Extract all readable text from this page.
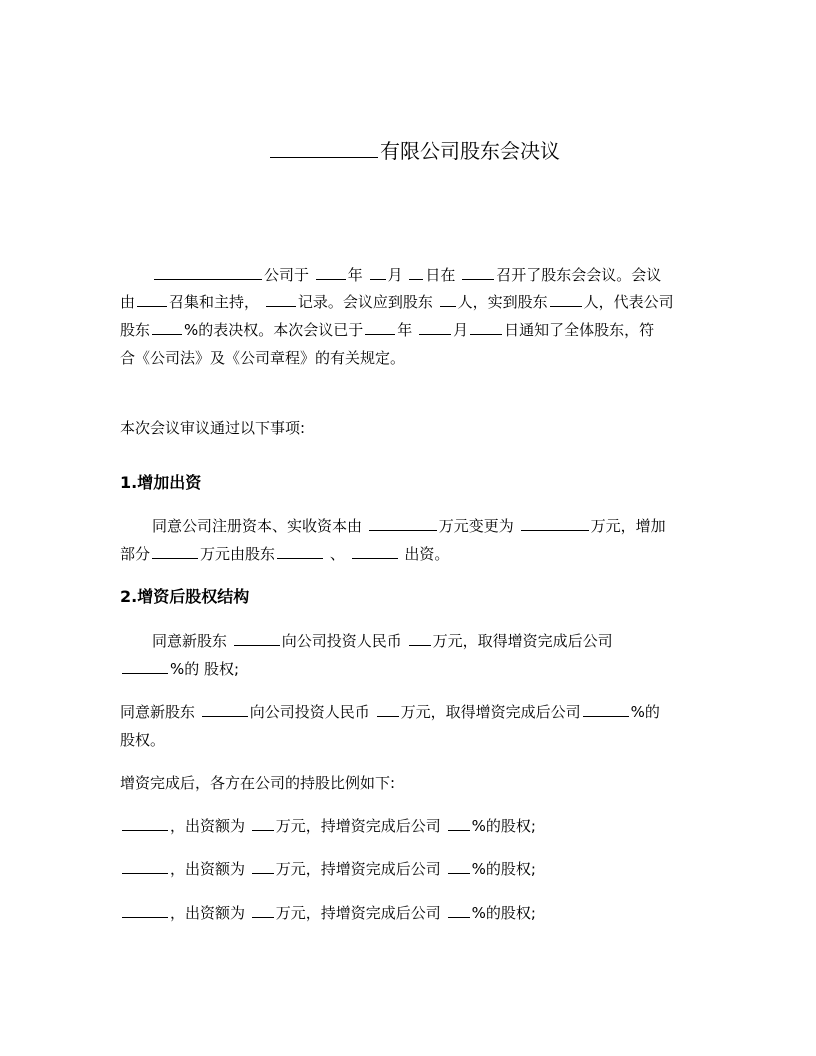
有限公司股东会决议

公司于	年 月 日在	召开了股东会会议。会议

由 召集和主持，	记录。会议应到股东 人，实到股东 人，代表公司

股东 %的表决权。本次会议已于 年	月 日通知了全体股东，符

合《公司法》及《公司章程》的有关规定。

本次会议审议通过以下事项:

1.增加出资

同意公司注册资本、实收资本由	万元变更为	万元，增加

部分	万元由股东	、	出资。

2.增资后股权结构

同意新股东	向公司投资人民币 万元，取得增资完成后公司

%的 股权;

同意新股东	向公司投资人民币 万元，取得增资完成后公司	%的

股权。

增资完成后，各方在公司的持股比例如下:

，出资额为 万元，持增资完成后公司 %的股权;

，出资额为 万元，持增资完成后公司 %的股权;

，出资额为 万元，持增资完成后公司 %的股权;
